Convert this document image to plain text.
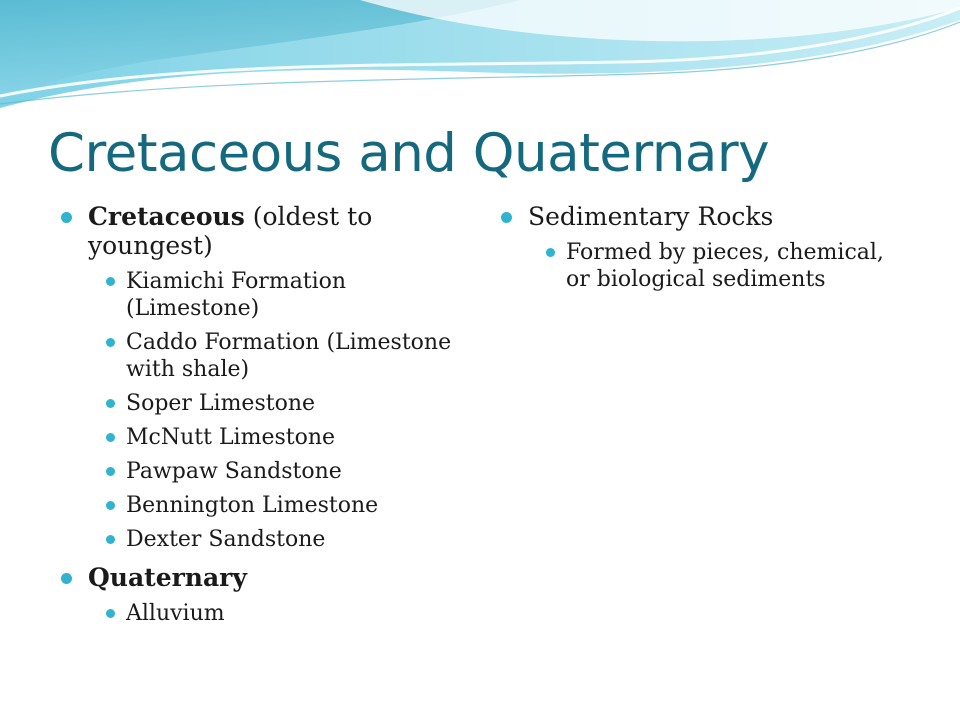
Cretaceous and Quaternary
Cretaceous (oldest to youngest)
Kiamichi Formation (Limestone)
Caddo Formation (Limestone with shale)
Soper Limestone
McNutt Limestone
Pawpaw Sandstone
Bennington Limestone
Dexter Sandstone
Quaternary
Alluvium
Sedimentary Rocks
Formed by pieces, chemical, or biological sediments
